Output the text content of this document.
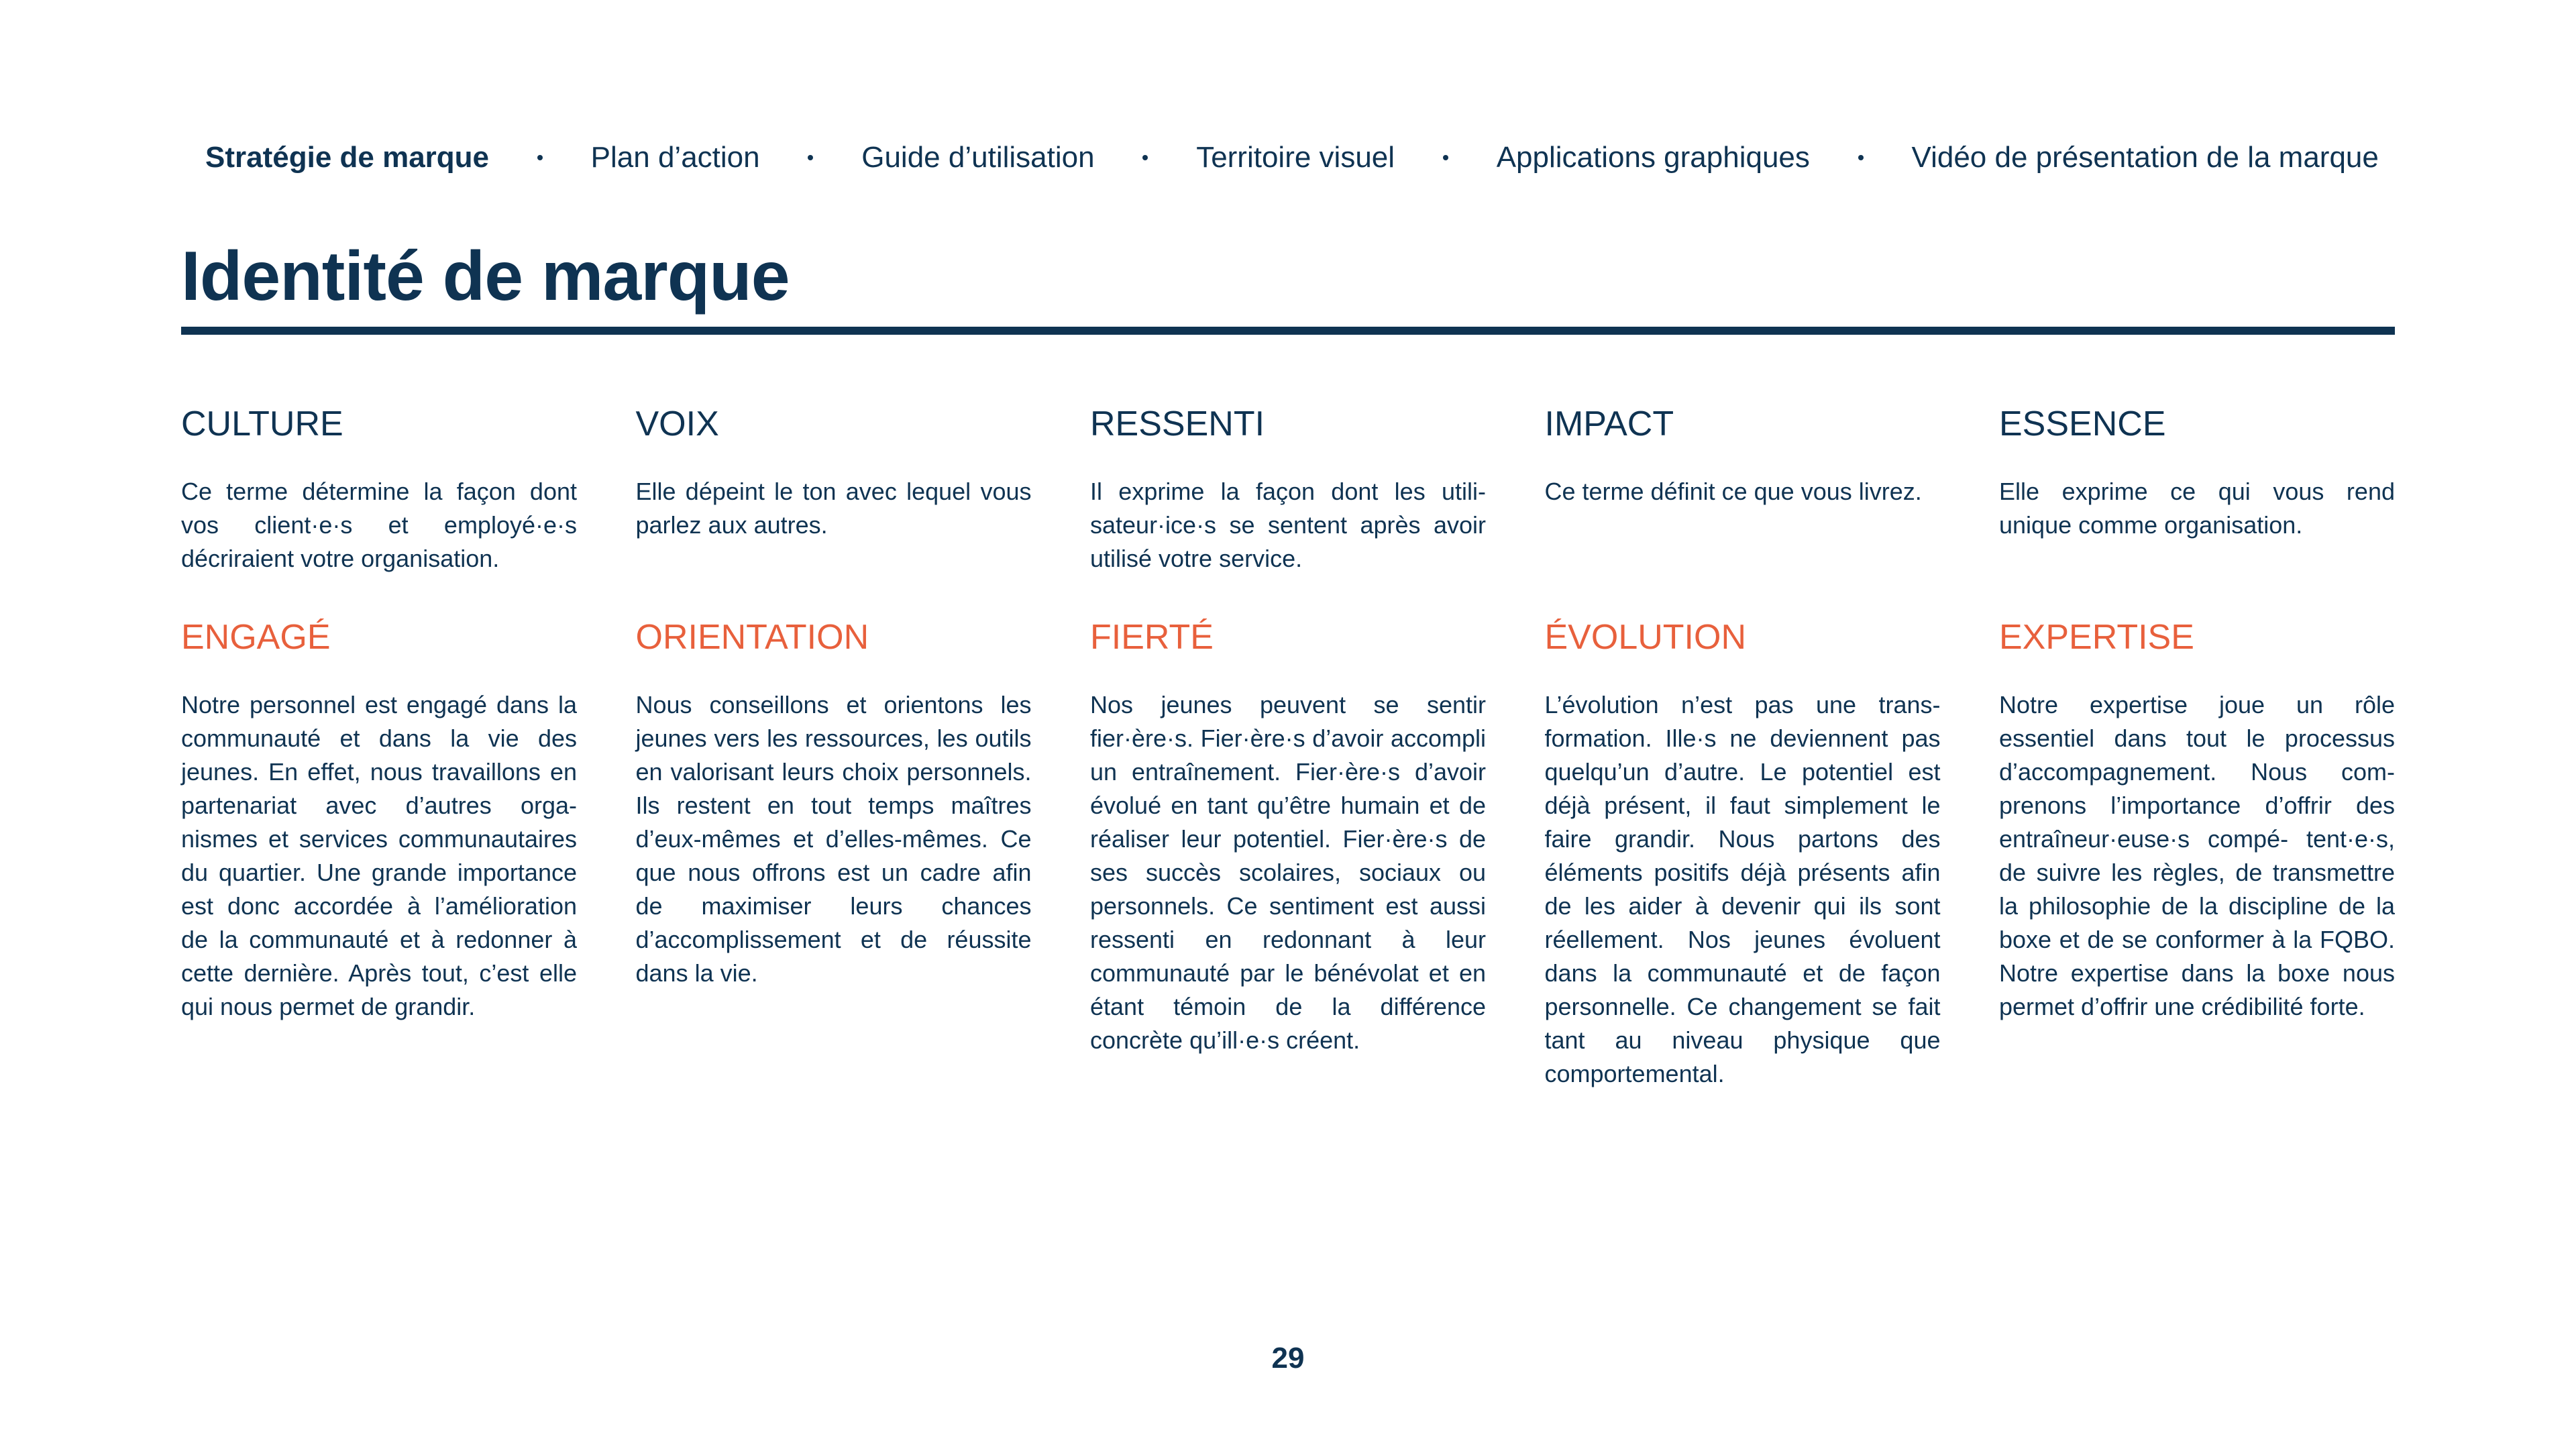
Stratégie de marque	Plan d’action	Guide d’utilisation	Territoire visuel	Applications graphiques	Vidéo de présentation de la marque
Identité de marque
CULTURE

Ce terme détermine la façon dont vos client·e·s et employé·e·s décriraient votre organisation.

ENGAGÉ

Notre personnel est engagé dans la communauté et dans la vie des jeunes. En effet, nous travaillons en partenariat avec d’autres orga- nismes et services communautaires du quartier. Une grande importance est donc accordée à l’amélioration de la communauté et à redonner à cette dernière. Après tout, c’est elle qui nous permet de grandir.

VOIX

Elle dépeint le ton avec lequel vous parlez aux autres.

ORIENTATION

Nous conseillons et orientons les jeunes vers les ressources, les outils en valorisant leurs choix personnels. Ils restent en tout temps maîtres d’eux-mêmes et d’elles-mêmes. Ce que nous offrons est un cadre afin de maximiser leurs chances d’accomplissement et de réussite dans la vie.

RESSENTI

Il exprime la façon dont les utili- sateur·ice·s se sentent après avoir utilisé votre service.

FIERTÉ

Nos jeunes peuvent se sentir fier·ère·s. Fier·ère·s d’avoir accompli un entraînement. Fier·ère·s d’avoir évolué en tant qu’être humain et de réaliser leur potentiel. Fier·ère·s de ses succès scolaires, sociaux ou personnels. Ce sentiment est aussi ressenti en redonnant à leur communauté par le bénévolat et en étant témoin de la différence concrète qu’ill·e·s créent.

IMPACT

Ce terme définit ce que vous livrez.

ÉVOLUTION

L’évolution n’est pas une trans- formation. Ille·s ne deviennent pas quelqu’un d’autre. Le potentiel est déjà présent, il faut simplement le faire grandir. Nous partons des éléments positifs déjà présents afin de les aider à devenir qui ils sont réellement. Nos jeunes évoluent dans la communauté et de façon personnelle. Ce changement se fait tant au niveau physique que comportemental.

ESSENCE

Elle exprime ce qui vous rend unique comme organisation.

EXPERTISE

Notre expertise joue un rôle essentiel dans tout le processus d’accompagnement. Nous com- prenons l’importance d’offrir des entraîneur·euse·s compé- tent·e·s, de suivre les règles, de transmettre la philosophie de la discipline de la boxe et de se conformer à la FQBO. Notre expertise dans la boxe nous permet d’offrir une crédibilité forte.

29
